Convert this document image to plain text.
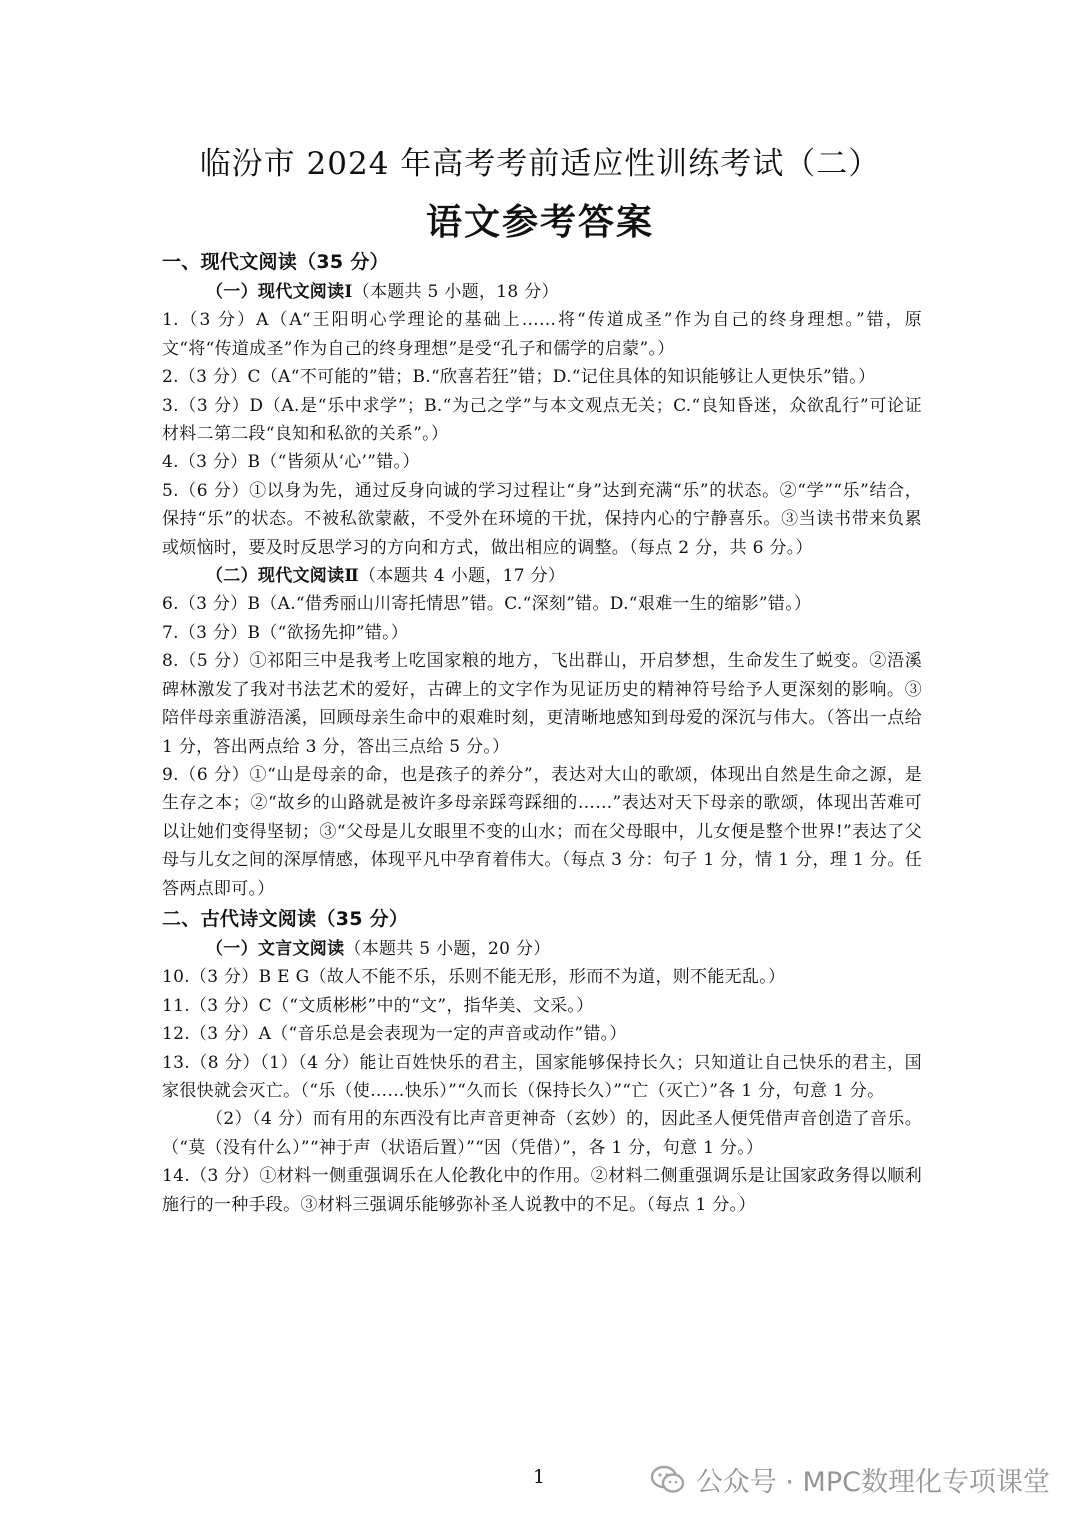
临汾市 2024 年高考考前适应性训练考试（二）
语文参考答案

一、现代文阅读（35 分）

（一）现代文阅读Ⅰ（本题共 5 小题，18 分）

1.（3 分）A（A“王阳明心学理论的基础上……将“传道成圣”作为自己的终身理想。”错，原文“将“传道成圣”作为自己的终身理想”是受“孔子和儒学的启蒙”。）

2.（3 分）C（A“不可能的”错；B.“欣喜若狂”错；D.“记住具体的知识能够让人更快乐”错。）

3.（3 分）D（A.是“乐中求学”；B.“为己之学”与本文观点无关；C.“良知昏迷，众欲乱行”可论证材料二第二段“良知和私欲的关系”。）

4.（3 分）B（“皆须从‘心’”错。）

5.（6 分）①以身为先，通过反身向诚的学习过程让“身”达到充满“乐”的状态。②“学”“乐”结合，保持“乐”的状态。不被私欲蒙蔽，不受外在环境的干扰，保持内心的宁静喜乐。③当读书带来负累或烦恼时，要及时反思学习的方向和方式，做出相应的调整。（每点 2 分，共 6 分。）

（二）现代文阅读Ⅱ（本题共 4 小题，17 分）

6.（3 分）B（A.“借秀丽山川寄托情思”错。C.“深刻”错。D.“艰难一生的缩影”错。）

7.（3 分）B（“欲扬先抑”错。）

8.（5 分）①祁阳三中是我考上吃国家粮的地方，飞出群山，开启梦想，生命发生了蜕变。②浯溪碑林激发了我对书法艺术的爱好，古碑上的文字作为见证历史的精神符号给予人更深刻的影响。③陪伴母亲重游浯溪，回顾母亲生命中的艰难时刻，更清晰地感知到母爱的深沉与伟大。（答出一点给 1 分，答出两点给 3 分，答出三点给 5 分。）

9.（6 分）①“山是母亲的命，也是孩子的养分”，表达对大山的歌颂，体现出自然是生命之源，是生存之本；②“故乡的山路就是被许多母亲踩弯踩细的……”表达对天下母亲的歌颂，体现出苦难可以让她们变得坚韧；③“父母是儿女眼里不变的山水；而在父母眼中，儿女便是整个世界!”表达了父母与儿女之间的深厚情感，体现平凡中孕育着伟大。（每点 3 分：句子 1 分，情 1 分，理 1 分。任答两点即可。）

二、古代诗文阅读（35 分）

（一）文言文阅读（本题共 5 小题，20 分）

10.（3 分）B E G（故人不能不乐，乐则不能无形，形而不为道，则不能无乱。）

11.（3 分）C（“文质彬彬”中的“文”，指华美、文采。）

12.（3 分）A（“音乐总是会表现为一定的声音或动作”错。）

13.（8 分）（1）（4 分）能让百姓快乐的君主，国家能够保持长久；只知道让自己快乐的君主，国家很快就会灭亡。（“乐（使……快乐）”“久而长（保持长久）”“亡（灭亡）”各 1 分，句意 1 分。

（2）（4 分）而有用的东西没有比声音更神奇（玄妙）的，因此圣人便凭借声音创造了音乐。（“莫（没有什么）”“神于声（状语后置）”“因（凭借）”，各 1 分，句意 1 分。）

14.（3 分）①材料一侧重强调乐在人伦教化中的作用。②材料二侧重强调乐是让国家政务得以顺利施行的一种手段。③材料三强调乐能够弥补圣人说教中的不足。（每点 1 分。）

1	公众号 · MPC数理化专项课堂
